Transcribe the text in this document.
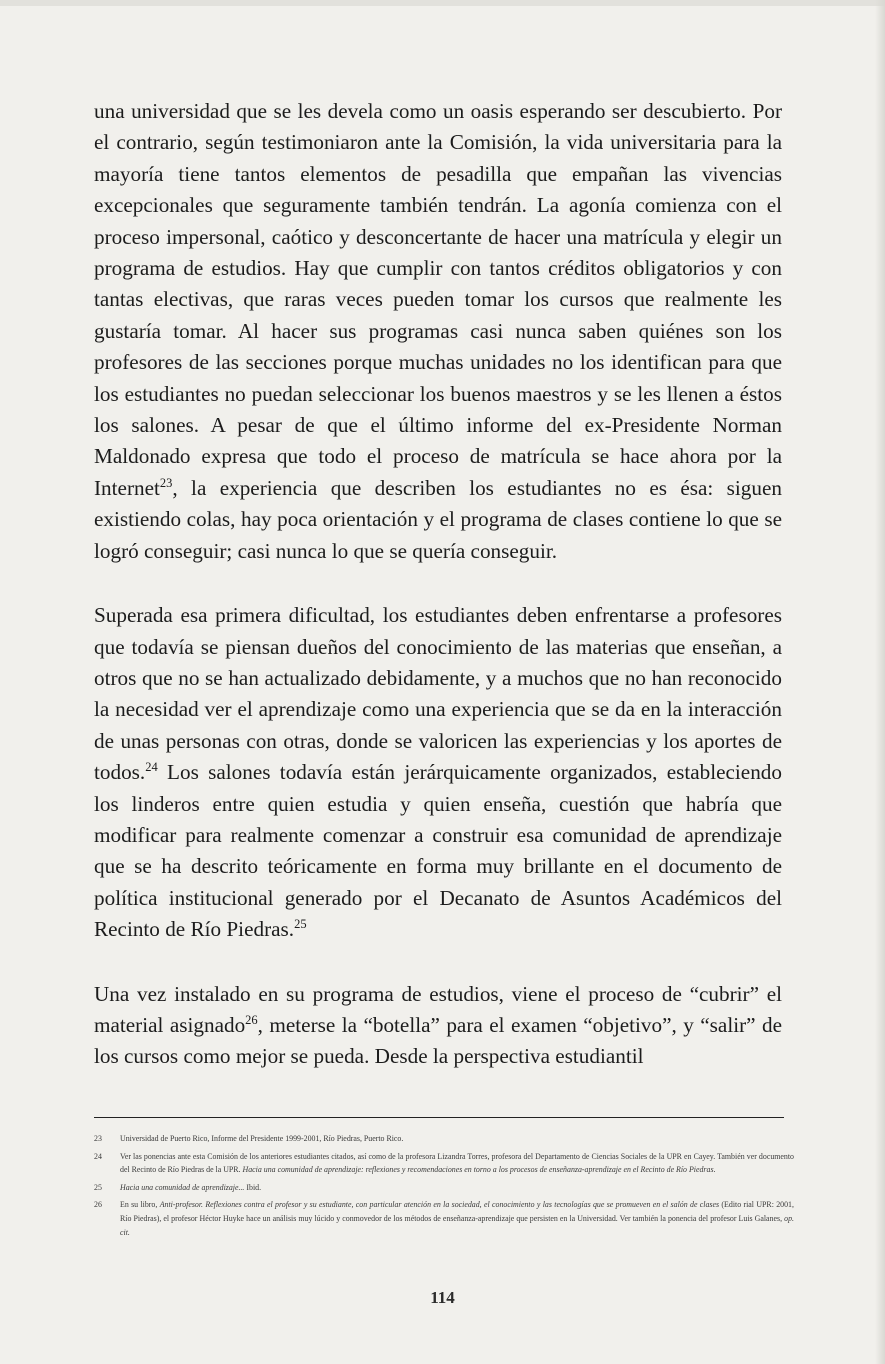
una universidad que se les devela como un oasis esperando ser descubierto. Por el contrario, según testimoniaron ante la Comisión, la vida universitaria para la mayoría tiene tantos elementos de pesadilla que empañan las vivencias excepcionales que seguramente también tendrán. La agonía comienza con el proceso impersonal, caótico y desconcertante de hacer una matrícula y elegir un programa de estudios. Hay que cumplir con tantos créditos obligatorios y con tantas electivas, que raras veces pueden tomar los cursos que realmente les gustaría tomar. Al hacer sus programas casi nunca saben quiénes son los profesores de las secciones porque muchas unidades no los identifican para que los estudiantes no puedan seleccionar los buenos maestros y se les llenen a éstos los salones. A pesar de que el último informe del ex-Presidente Norman Maldonado expresa que todo el proceso de matrícula se hace ahora por la Internet$^{23}$, la experiencia que describen los estudiantes no es ésa: siguen existiendo colas, hay poca orientación y el programa de clases contiene lo que se logró conseguir; casi nunca lo que se quería conseguir.

Superada esa primera dificultad, los estudiantes deben enfrentarse a profesores que todavía se piensan dueños del conocimiento de las materias que enseñan, a otros que no se han actualizado debidamente, y a muchos que no han reconocido la necesidad ver el aprendizaje como una experiencia que se da en la interacción de unas personas con otras, donde se valoricen las experiencias y los aportes de todos.$^{24}$ Los salones todavía están jerárquicamente organizados, estableciendo los linderos entre quien estudia y quien enseña, cuestión que habría que modificar para realmente comenzar a construir esa comunidad de aprendizaje que se ha descrito teóricamente en forma muy brillante en el documento de política institucional generado por el Decanato de Asuntos Académicos del Recinto de Río Piedras.$^{25}$

Una vez instalado en su programa de estudios, viene el proceso de “cubrir” el material asignado$^{26}$, meterse la “botella” para el examen “objetivo”, y “salir” de los cursos como mejor se pueda. Desde la perspectiva estudiantil

23 Universidad de Puerto Rico, Informe del Presidente 1999-2001, Río Piedras, Puerto Rico.
24 Ver las ponencias ante esta Comisión de los anteriores estudiantes citados, así como de la profesora Lizandra Torres, profesora del Departamento de Ciencias Sociales de la UPR en Cayey. También ver documento del Recinto de Río Piedras de la UPR. Hacia una comunidad de aprendizaje: reflexiones y recomendaciones en torno a los procesos de enseñanza-aprendizaje en el Recinto de Río Piedras.
25 Hacia una comunidad de aprendizaje... Ibid.
26 En su libro, Anti-profesor. Reflexiones contra el profesor y su estudiante, con particular atención en la sociedad, el conocimiento y las tecnologías que se promueven en el salón de clases (Edito rial UPR: 2001, Río Piedras), el profesor Héctor Huyke hace un análisis muy lúcido y conmovedor de los métodos de enseñanza-aprendizaje que persisten en la Universidad. Ver también la ponencia del profesor Luis Galanes, op. cit.
114
